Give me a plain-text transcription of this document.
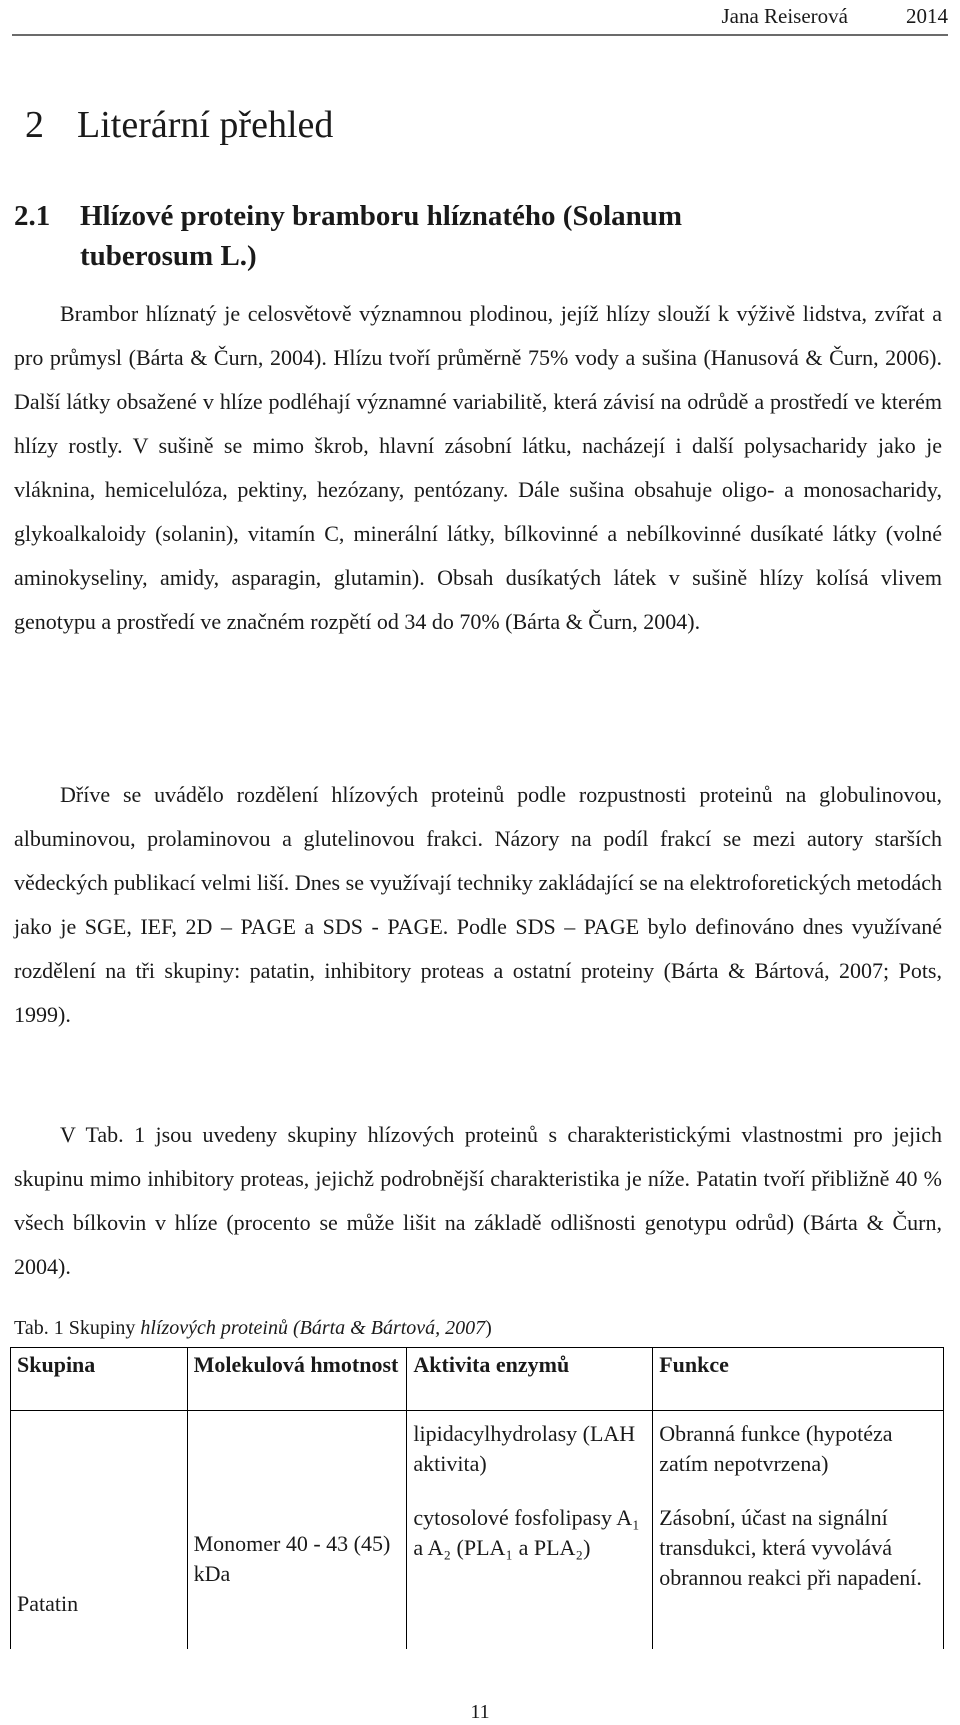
Jana Reiserová	2014
2 Literární přehled
2.1 Hlízové proteiny bramboru hlíznatého (Solanum
tuberosum L.)

Brambor hlíznatý je celosvětově významnou plodinou, jejíž hlízy slouží k výživě lidstva, zvířat a pro průmysl (Bárta & Čurn, 2004). Hlízu tvoří průměrně 75% vody a sušina (Hanusová & Čurn, 2006). Další látky obsažené v hlíze podléhají významné variabilitě, která závisí na odrůdě a prostředí ve kterém hlízy rostly. V sušině se mimo škrob, hlavní zásobní látku, nacházejí i další polysacharidy jako je vláknina, hemicelulóza, pektiny, hezózany, pentózany. Dále sušina obsahuje oligo- a monosacharidy, glykoalkaloidy (solanin), vitamín C, minerální látky, bílkovinné a nebílkovinné dusíkaté látky (volné aminokyseliny, amidy, asparagin, glutamin). Obsah dusíkatých látek v sušině hlízy kolísá vlivem genotypu a prostředí ve značném rozpětí od 34 do 70% (Bárta & Čurn, 2004).

Dříve se uvádělo rozdělení hlízových proteinů podle rozpustnosti proteinů na globulinovou, albuminovou, prolaminovou a glutelinovou frakci. Názory na podíl frakcí se mezi autory starších vědeckých publikací velmi liší. Dnes se využívají techniky zakládající se na elektroforetických metodách jako je SGE, IEF, 2D – PAGE a SDS - PAGE. Podle SDS – PAGE bylo definováno dnes využívané rozdělení na tři skupiny: patatin, inhibitory proteas a ostatní proteiny (Bárta & Bártová, 2007; Pots, 1999).

V Tab. 1 jsou uvedeny skupiny hlízových proteinů s charakteristickými vlastnostmi pro jejich skupinu mimo inhibitory proteas, jejichž podrobnější charakteristika je níže. Patatin tvoří přibližně 40 % všech bílkovin v hlíze (procento se může lišit na základě odlišnosti genotypu odrůd) (Bárta & Čurn, 2004).

Tab. 1 Skupiny hlízových proteinů (Bárta & Bártová, 2007)
Skupina	Molekulová hmotnost	Aktivita enzymů	Funkce
Patatin	Monomer 40 - 43 (45) kDa	lipidacylhydrolasy (LAH aktivita)	Obranná funkce (hypotéza zatím nepotvrzena)
		cytosolové fosfolipasy A₁ a A₂ (PLA₁ a PLA₂)	Zásobní, účast na signální transdukci, která vyvolává obrannou reakci při napadení.
11
